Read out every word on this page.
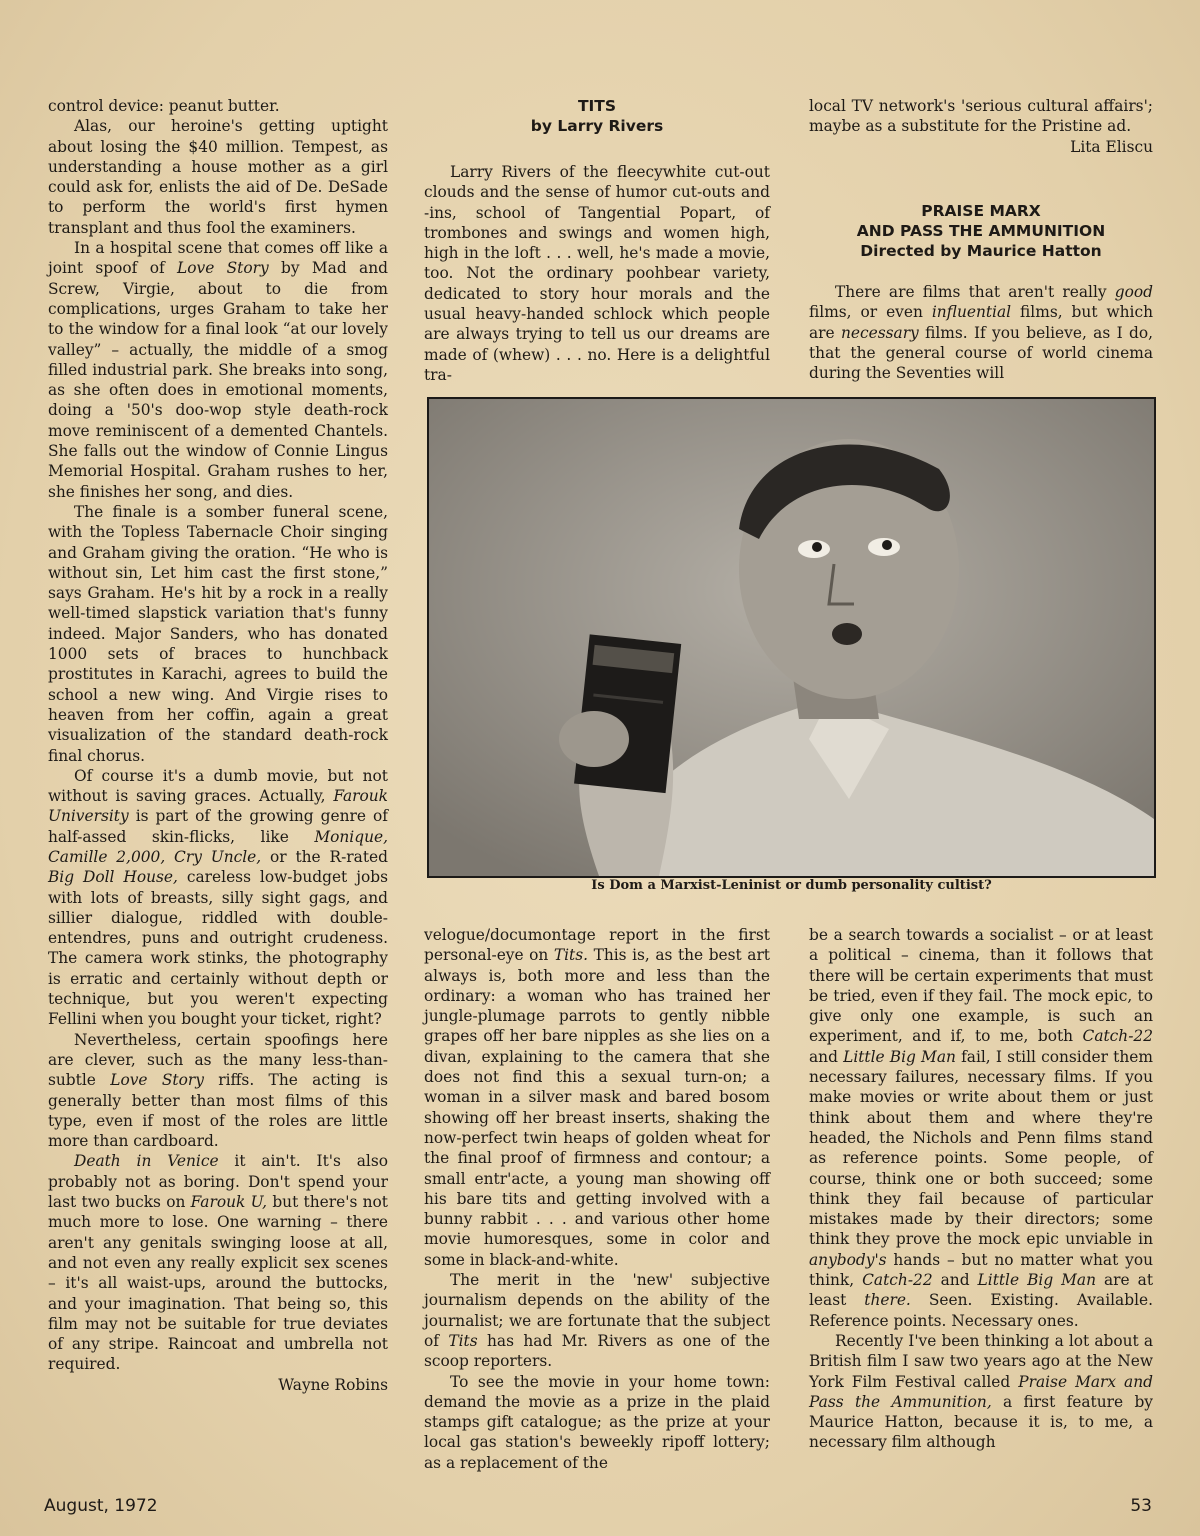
control device: peanut butter.

Alas, our heroine's getting uptight about losing the $40 million. Tempest, as understanding a house mother as a girl could ask for, enlists the aid of De. DeSade to perform the world's first hymen transplant and thus fool the examiners.

In a hospital scene that comes off like a joint spoof of Love Story by Mad and Screw, Virgie, about to die from complications, urges Graham to take her to the window for a final look “at our lovely valley” – actually, the middle of a smog filled industrial park. She breaks into song, as she often does in emotional moments, doing a '50's doo-wop style death-rock move reminiscent of a demented Chantels. She falls out the window of Connie Lingus Memorial Hospital. Graham rushes to her, she finishes her song, and dies.

The finale is a somber funeral scene, with the Topless Tabernacle Choir singing and Graham giving the oration. “He who is without sin, Let him cast the first stone,” says Graham. He's hit by a rock in a really well-timed slapstick variation that's funny indeed. Major Sanders, who has donated 1000 sets of braces to hunchback prostitutes in Karachi, agrees to build the school a new wing. And Virgie rises to heaven from her coffin, again a great visualization of the standard death-rock final chorus.

Of course it's a dumb movie, but not without is saving graces. Actually, Farouk University is part of the growing genre of half-assed skin-flicks, like Monique, Camille 2,000, Cry Uncle, or the R-rated Big Doll House, careless low-budget jobs with lots of breasts, silly sight gags, and sillier dialogue, riddled with double-entendres, puns and outright crudeness. The camera work stinks, the photography is erratic and certainly without depth or technique, but you weren't expecting Fellini when you bought your ticket, right?

Nevertheless, certain spoofings here are clever, such as the many less-than-subtle Love Story riffs. The acting is generally better than most films of this type, even if most of the roles are little more than cardboard.

Death in Venice it ain't. It's also probably not as boring. Don't spend your last two bucks on Farouk U, but there's not much more to lose. One warning – there aren't any genitals swinging loose at all, and not even any really explicit sex scenes – it's all waist-ups, around the buttocks, and your imagination. That being so, this film may not be suitable for true deviates of any stripe. Raincoat and umbrella not required.

Wayne Robins

TITS
by Larry Rivers

Larry Rivers of the fleecywhite cut-out clouds and the sense of humor cut-outs and -ins, school of Tangential Popart, of trombones and swings and women high, high in the loft . . . well, he's made a movie, too. Not the ordinary poohbear variety, dedicated to story hour morals and the usual heavy-handed schlock which people are always trying to tell us our dreams are made of (whew) . . . no. Here is a delightful tra-

local TV network's 'serious cultural affairs'; maybe as a substitute for the Pristine ad.

Lita Eliscu

PRAISE MARX
AND PASS THE AMMUNITION
Directed by Maurice Hatton

There are films that aren't really good films, or even influential films, but which are necessary films. If you believe, as I do, that the general course of world cinema during the Seventies will

Is Dom a Marxist-Leninist or dumb personality cultist?

velogue/documontage report in the first personal-eye on Tits. This is, as the best art always is, both more and less than the ordinary: a woman who has trained her jungle-plumage parrots to gently nibble grapes off her bare nipples as she lies on a divan, explaining to the camera that she does not find this a sexual turn-on; a woman in a silver mask and bared bosom showing off her breast inserts, shaking the now-perfect twin heaps of golden wheat for the final proof of firmness and contour; a small entr'acte, a young man showing off his bare tits and getting involved with a bunny rabbit . . . and various other home movie humoresques, some in color and some in black-and-white.

The merit in the 'new' subjective journalism depends on the ability of the journalist; we are fortunate that the subject of Tits has had Mr. Rivers as one of the scoop reporters.

To see the movie in your home town: demand the movie as a prize in the plaid stamps gift catalogue; as the prize at your local gas station's beweekly ripoff lottery; as a replacement of the

be a search towards a socialist – or at least a political – cinema, than it follows that there will be certain experiments that must be tried, even if they fail. The mock epic, to give only one example, is such an experiment, and if, to me, both Catch-22 and Little Big Man fail, I still consider them necessary failures, necessary films. If you make movies or write about them or just think about them and where they're headed, the Nichols and Penn films stand as reference points. Some people, of course, think one or both succeed; some think they fail because of particular mistakes made by their directors; some think they prove the mock epic unviable in anybody's hands – but no matter what you think, Catch-22 and Little Big Man are at least there. Seen. Existing. Available. Reference points. Necessary ones.

Recently I've been thinking a lot about a British film I saw two years ago at the New York Film Festival called Praise Marx and Pass the Ammunition, a first feature by Maurice Hatton, because it is, to me, a necessary film although

August, 1972	53
